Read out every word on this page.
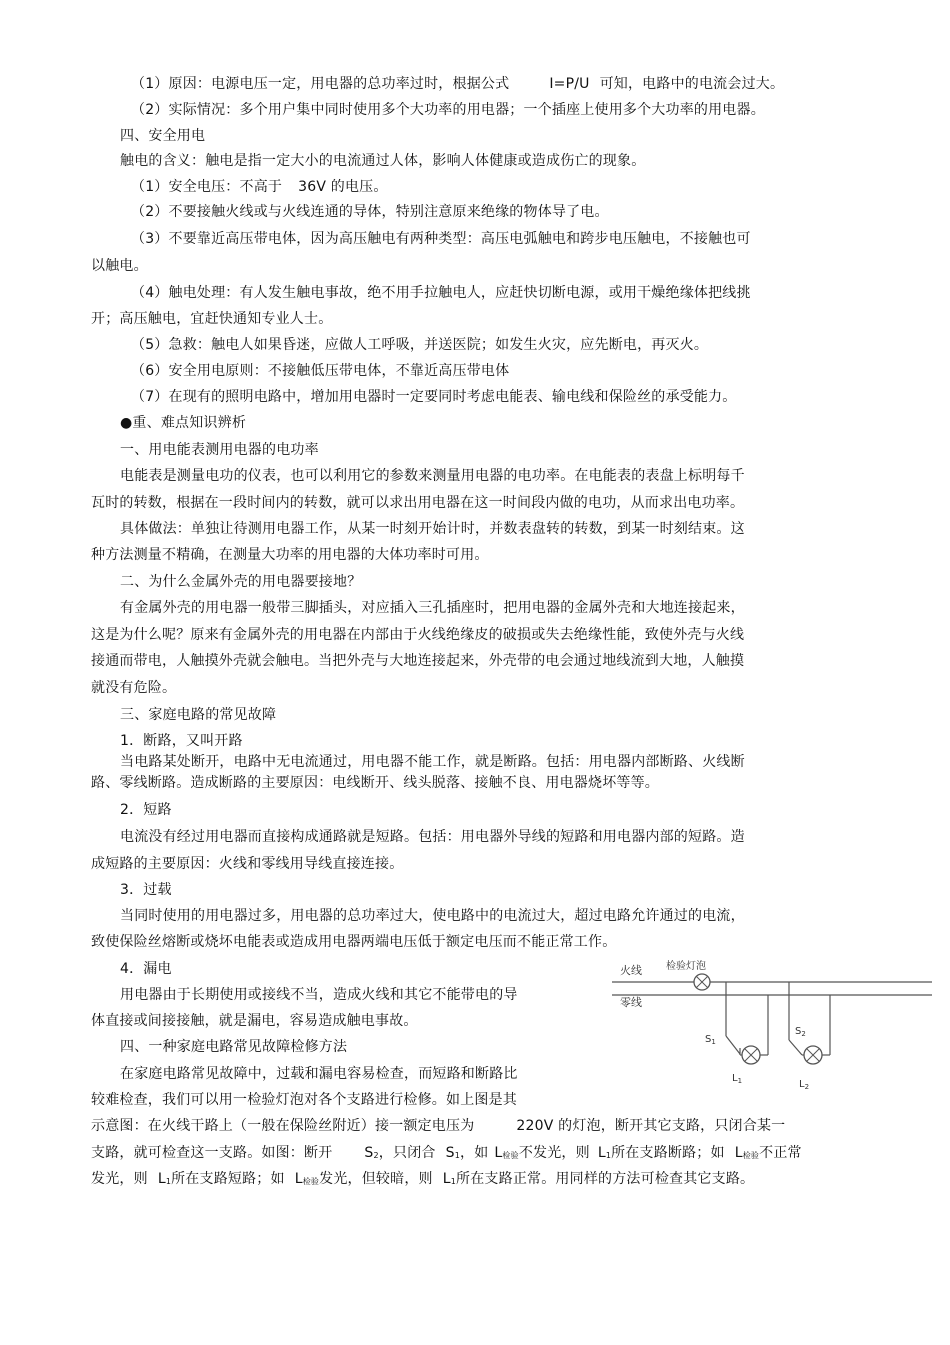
（1）原因：电源电压一定，用电器的总功率过时，根据公式	I=P/U 可知，电路中的电流会过大。
（2）实际情况：多个用户集中同时使用多个大功率的用电器；一个插座上使用多个大功率的用电器。
四、安全用电
触电的含义：触电是指一定大小的电流通过人体，影响人体健康或造成伤亡的现象。
（1）安全电压：不高于 36V 的电压。
（2）不要接触火线或与火线连通的导体，特别注意原来绝缘的物体导了电。
（3）不要靠近高压带电体，因为高压触电有两种类型：高压电弧触电和跨步电压触电，不接触也可
以触电。
（4）触电处理：有人发生触电事故，绝不用手拉触电人，应赶快切断电源，或用干燥绝缘体把线挑
开；高压触电，宜赶快通知专业人士。
（5）急救：触电人如果昏迷，应做人工呼吸，并送医院；如发生火灾，应先断电，再灭火。
（6）安全用电原则：不接触低压带电体，不靠近高压带电体
（7）在现有的照明电路中，增加用电器时一定要同时考虑电能表、输电线和保险丝的承受能力。
●重、难点知识辨析
一、用电能表测用电器的电功率
电能表是测量电功的仪表，也可以利用它的参数来测量用电器的电功率。在电能表的表盘上标明每千
瓦时的转数，根据在一段时间内的转数，就可以求出用电器在这一时间段内做的电功，从而求出电功率。
具体做法：单独让待测用电器工作，从某一时刻开始计时，并数表盘转的转数，到某一时刻结束。这
种方法测量不精确，在测量大功率的用电器的大体功率时可用。
二、为什么金属外壳的用电器要接地？
有金属外壳的用电器一般带三脚插头，对应插入三孔插座时，把用电器的金属外壳和大地连接起来，
这是为什么呢？原来有金属外壳的用电器在内部由于火线绝缘皮的破损或失去绝缘性能，致使外壳与火线
接通而带电，人触摸外壳就会触电。当把外壳与大地连接起来，外壳带的电会通过地线流到大地，人触摸
就没有危险。
三、家庭电路的常见故障
1．断路，又叫开路
当电路某处断开，电路中无电流通过，用电器不能工作，就是断路。包括：用电器内部断路、火线断
路、零线断路。造成断路的主要原因：电线断开、线头脱落、接触不良、用电器烧坏等等。
2．短路
电流没有经过用电器而直接构成通路就是短路。包括：用电器外导线的短路和用电器内部的短路。造
成短路的主要原因：火线和零线用导线直接连接。
3．过载
当同时使用的用电器过多，用电器的总功率过大，使电路中的电流过大，超过电路允许通过的电流，
致使保险丝熔断或烧坏电能表或造成用电器两端电压低于额定电压而不能正常工作。
4．漏电
用电器由于长期使用或接线不当，造成火线和其它不能带电的导
体直接或间接接触，就是漏电，容易造成触电事故。
四、一种家庭电路常见故障检修方法
在家庭电路常见故障中，过载和漏电容易检查，而短路和断路比
较难检查，我们可以用一检验灯泡对各个支路进行检修。如上图是其
示意图：在火线干路上（一般在保险丝附近）接一额定电压为	220V 的灯泡，断开其它支路，只闭合某一
支路，就可检查这一支路。如图：断开 $S_2$，只闭合 $S_1$，如 $L_{检验}$不发光，则 $L_1$所在支路断路；如 $L_{检验}$不正常
发光，则 $L_1$所在支路短路；如 $L_{检验}$发光，但较暗，则 $L_1$所在支路正常。用同样的方法可检查其它支路。
火线
零线
检验灯泡
$S_1$
$S_2$
$L_1$	$L_2$
